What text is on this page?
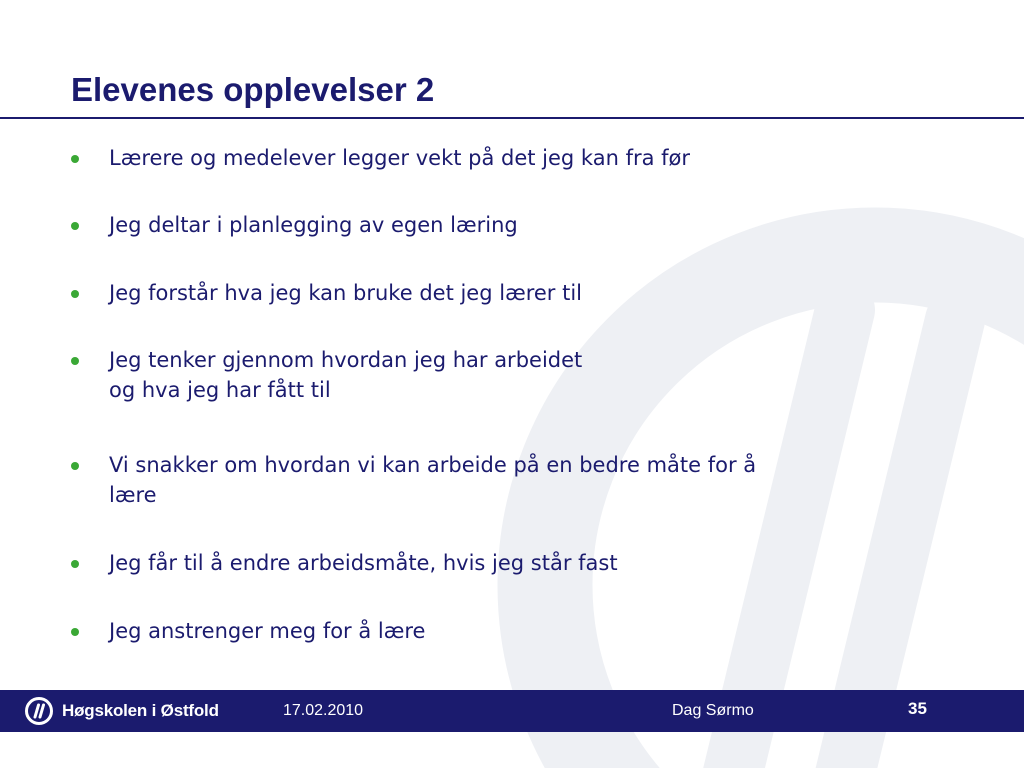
Elevenes opplevelser 2
Lærere og medelever legger vekt på det jeg kan fra før
Jeg deltar i planlegging av egen læring
Jeg forstår hva jeg kan bruke det jeg lærer til
Jeg tenker gjennom hvordan jeg har arbeidet
og hva jeg har fått til
Vi snakker om hvordan vi kan arbeide på en bedre måte for å
lære
Jeg får til å endre arbeidsmåte, hvis jeg står fast
Jeg anstrenger meg for å lære
Høgskolen i Østfold	17.02.2010	Dag Sørmo	35
